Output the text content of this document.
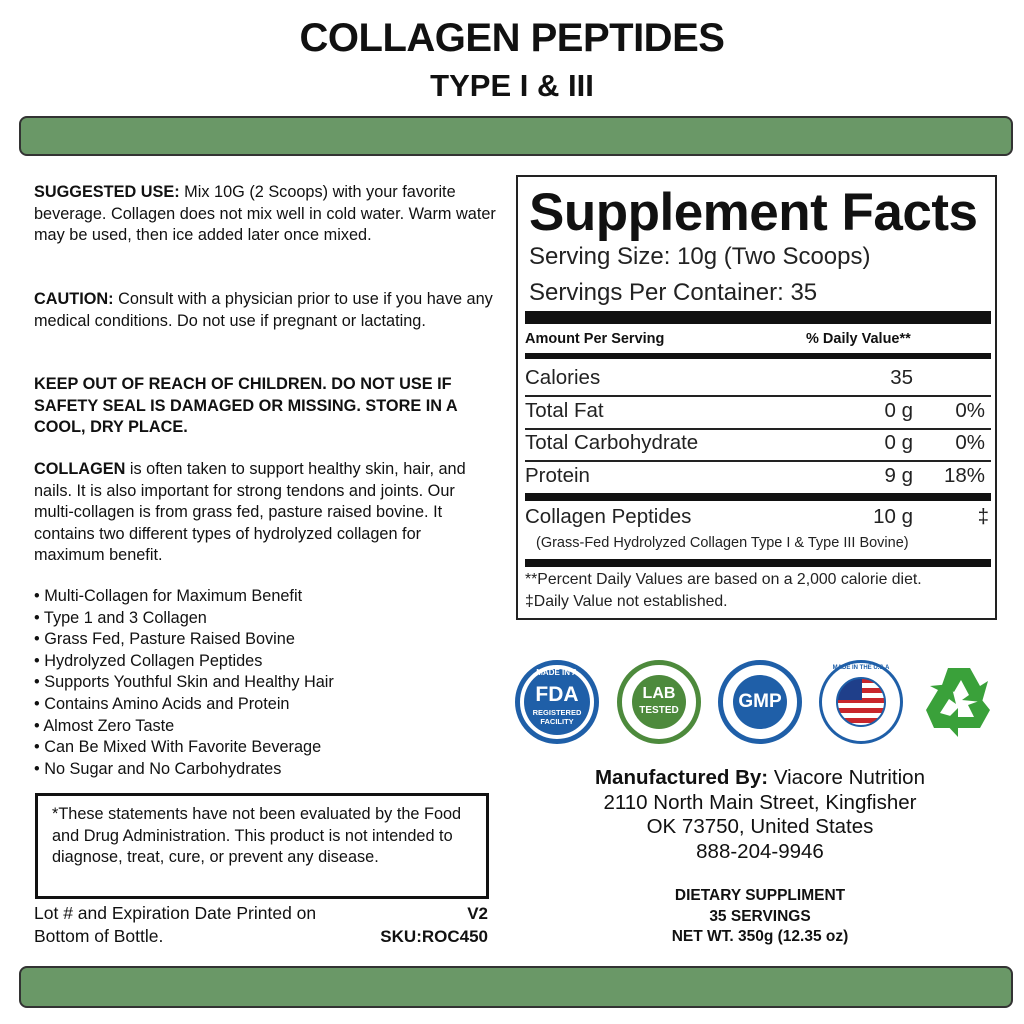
COLLAGEN PEPTIDES
TYPE I & III

SUGGESTED USE: Mix 10G (2 Scoops) with your favorite beverage. Collagen does not mix well in cold water. Warm water may be used, then ice added later once mixed.

CAUTION: Consult with a physician prior to use if you have any medical conditions. Do not use if pregnant or lactating.

KEEP OUT OF REACH OF CHILDREN. DO NOT USE IF SAFETY SEAL IS DAMAGED OR MISSING. STORE IN A COOL, DRY PLACE.

COLLAGEN is often taken to support healthy skin, hair, and nails. It is also important for strong tendons and joints. Our multi-collagen is from grass fed, pasture raised bovine. It contains two different types of hydrolyzed collagen for maximum benefit.

• Multi-Collagen for Maximum Benefit
• Type 1 and 3 Collagen
• Grass Fed, Pasture Raised Bovine
• Hydrolyzed Collagen Peptides
• Supports Youthful Skin and Healthy Hair
• Contains Amino Acids and Protein
• Almost Zero Taste
• Can Be Mixed With Favorite Beverage
• No Sugar and No Carbohydrates
*These statements have not been evaluated by the Food and Drug Administration. This product is not intended to diagnose, treat, cure, or prevent any disease.
Lot # and Expiration Date Printed on Bottom of Bottle.
V2
SKU:ROC450
Supplement Facts
Serving Size: 10g (Two Scoops)
Servings Per Container: 35
Amount Per Serving	% Daily Value**
Calories	35
Total Fat	0 g 0%
Total Carbohydrate	0 g 0%
Protein	9 g 18%
Collagen Peptides	10 g	‡
(Grass-Fed Hydrolyzed Collagen Type I & Type III Bovine)
**Percent Daily Values are based on a 2,000 calorie diet.
‡Daily Value not established.
MADE IN A
FDA
REGISTERED
FACILITY
LAB
TESTED	GMP
MADE IN THE U.S.A
Manufactured By: Viacore Nutrition
2110 North Main Street, Kingfisher
OK 73750, United States
888-204-9946
DIETARY SUPPLIMENT
35 SERVINGS
NET WT. 350g (12.35 oz)
